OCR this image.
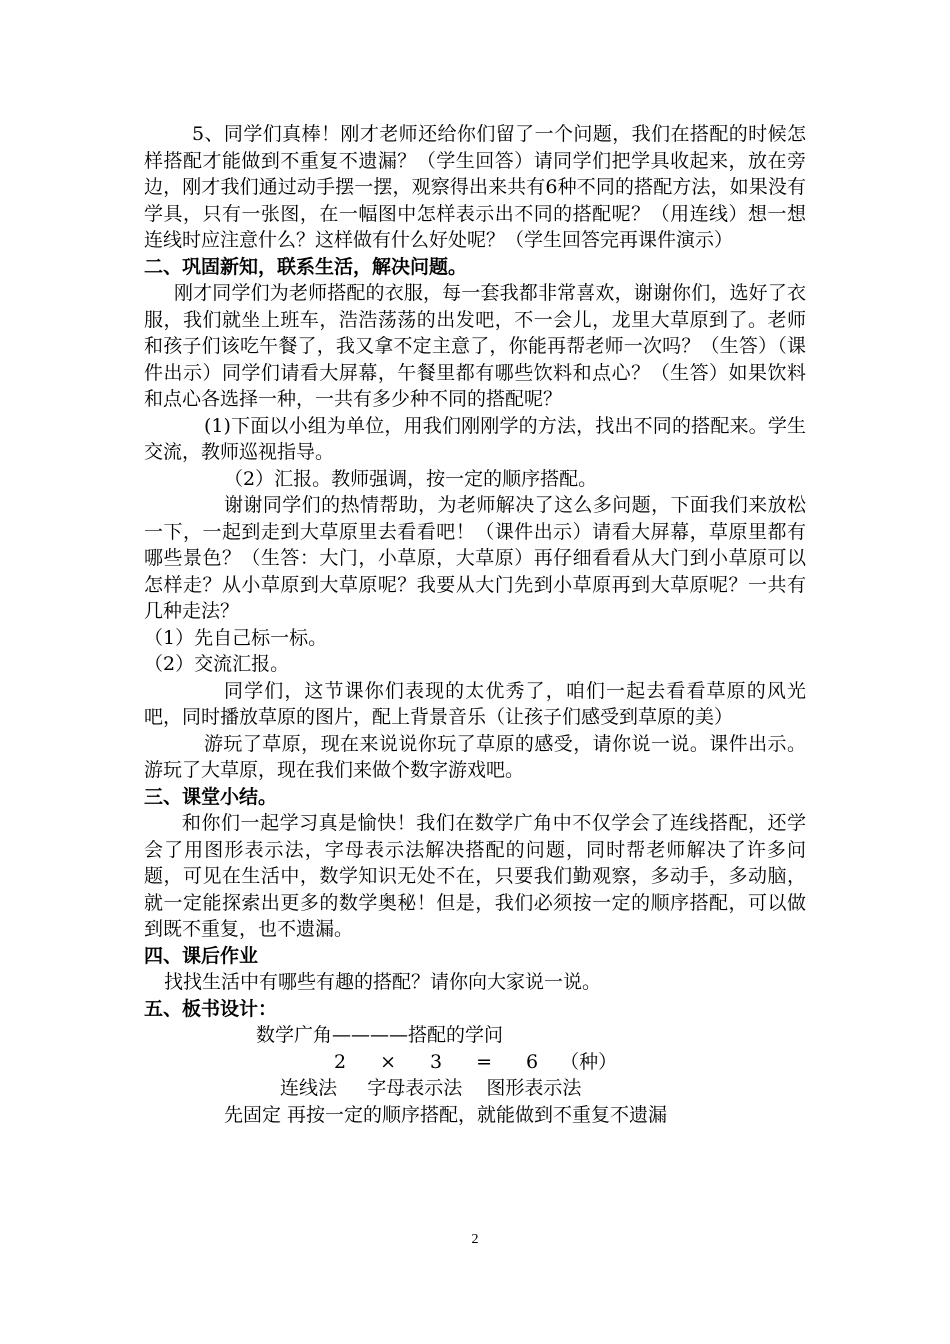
5、同学们真棒！刚才老师还给你们留了一个问题，我们在搭配的时候怎样搭配才能做到不重复不遗漏？（学生回答）请同学们把学具收起来，放在旁边，刚才我们通过动手摆一摆，观察得出来共有6种不同的搭配方法，如果没有学具，只有一张图，在一幅图中怎样表示出不同的搭配呢？（用连线）想一想连线时应注意什么？这样做有什么好处呢？（学生回答完再课件演示）

二、巩固新知，联系生活，解决问题。

刚才同学们为老师搭配的衣服，每一套我都非常喜欢，谢谢你们，选好了衣服，我们就坐上班车，浩浩荡荡的出发吧，不一会儿，龙里大草原到了。老师和孩子们该吃午餐了，我又拿不定主意了，你能再帮老师一次吗？（生答）（课件出示）同学们请看大屏幕，午餐里都有哪些饮料和点心？（生答）如果饮料和点心各选择一种，一共有多少种不同的搭配呢？

(1)下面以小组为单位，用我们刚刚学的方法，找出不同的搭配来。学生交流，教师巡视指导。

（2）汇报。教师强调，按一定的顺序搭配。

谢谢同学们的热情帮助，为老师解决了这么多问题，下面我们来放松一下，一起到走到大草原里去看看吧！（课件出示）请看大屏幕，草原里都有哪些景色？（生答：大门，小草原，大草原）再仔细看看从大门到小草原可以怎样走？从小草原到大草原呢？我要从大门先到小草原再到大草原呢？一共有几种走法？

（1）先自己标一标。

（2）交流汇报。

同学们，这节课你们表现的太优秀了，咱们一起去看看草原的风光吧，同时播放草原的图片，配上背景音乐（让孩子们感受到草原的美）

游玩了草原，现在来说说你玩了草原的感受，请你说一说。课件出示。游玩了大草原，现在我们来做个数字游戏吧。

三、课堂小结。

和你们一起学习真是愉快！我们在数学广角中不仅学会了连线搭配，还学会了用图形表示法，字母表示法解决搭配的问题，同时帮老师解决了许多问题，可见在生活中，数学知识无处不在，只要我们勤观察，多动手，多动脑，就一定能探索出更多的数学奥秘！但是，我们必须按一定的顺序搭配，可以做到既不重复，也不遗漏。

四、课后作业

找找生活中有哪些有趣的搭配？请你向大家说一说。

五、板书设计：
数学广角————搭配的学问
2 × 3 = 6 （种）
连线法     字母表示法    图形表示法
先固定 再按一定的顺序搭配，就能做到不重复不遗漏
2
